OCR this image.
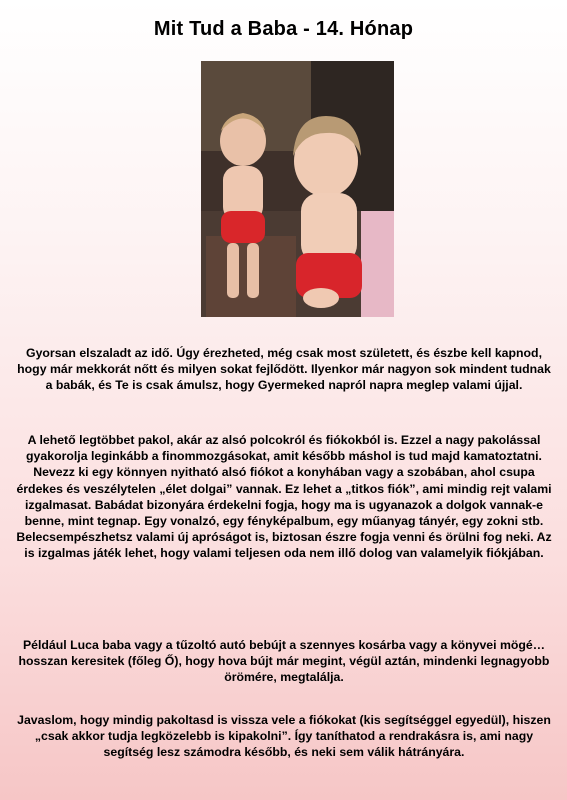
Mit Tud a Baba - 14. Hónap

Gyorsan elszaladt az idő. Úgy érezheted, még csak most született, és észbe kell kapnod, hogy már mekkorát nőtt és milyen sokat fejlődött. Ilyenkor már nagyon sok mindent tudnak a babák, és Te is csak ámulsz, hogy Gyermeked napról napra meglep valami újjal.

A lehető legtöbbet pakol, akár az alsó polcokról és fiókokból is. Ezzel a nagy pakolással gyakorolja leginkább a finommozgásokat, amit később máshol is tud majd kamatoztatni. Nevezz ki egy könnyen nyitható alsó fiókot a konyhában vagy a szobában, ahol csupa érdekes és veszélytelen „élet dolgai” vannak. Ez lehet a „titkos fiók”, ami mindig rejt valami izgalmasat. Babádat bizonyára érdekelni fogja, hogy ma is ugyanazok a dolgok vannak-e benne, mint tegnap. Egy vonalzó, egy fényképalbum, egy műanyag tányér, egy zokni stb. Belecsempészhetsz valami új apróságot is, biztosan észre fogja venni és örülni fog neki. Az is izgalmas játék lehet, hogy valami teljesen oda nem illő dolog van valamelyik fiókjában.

Például Luca baba vagy a tűzoltó autó bebújt a szennyes kosárba vagy a könyvei mögé… hosszan keresitek (főleg Ő), hogy hova bújt már megint, végül aztán, mindenki legnagyobb örömére, megtalálja.

Javaslom, hogy mindig pakoltasd is vissza vele a fiókokat (kis segítséggel egyedül), hiszen „csak akkor tudja legközelebb is kipakolni”. Így taníthatod a rendrakásra is, ami nagy segítség lesz számodra később, és neki sem válik hátrányára.
